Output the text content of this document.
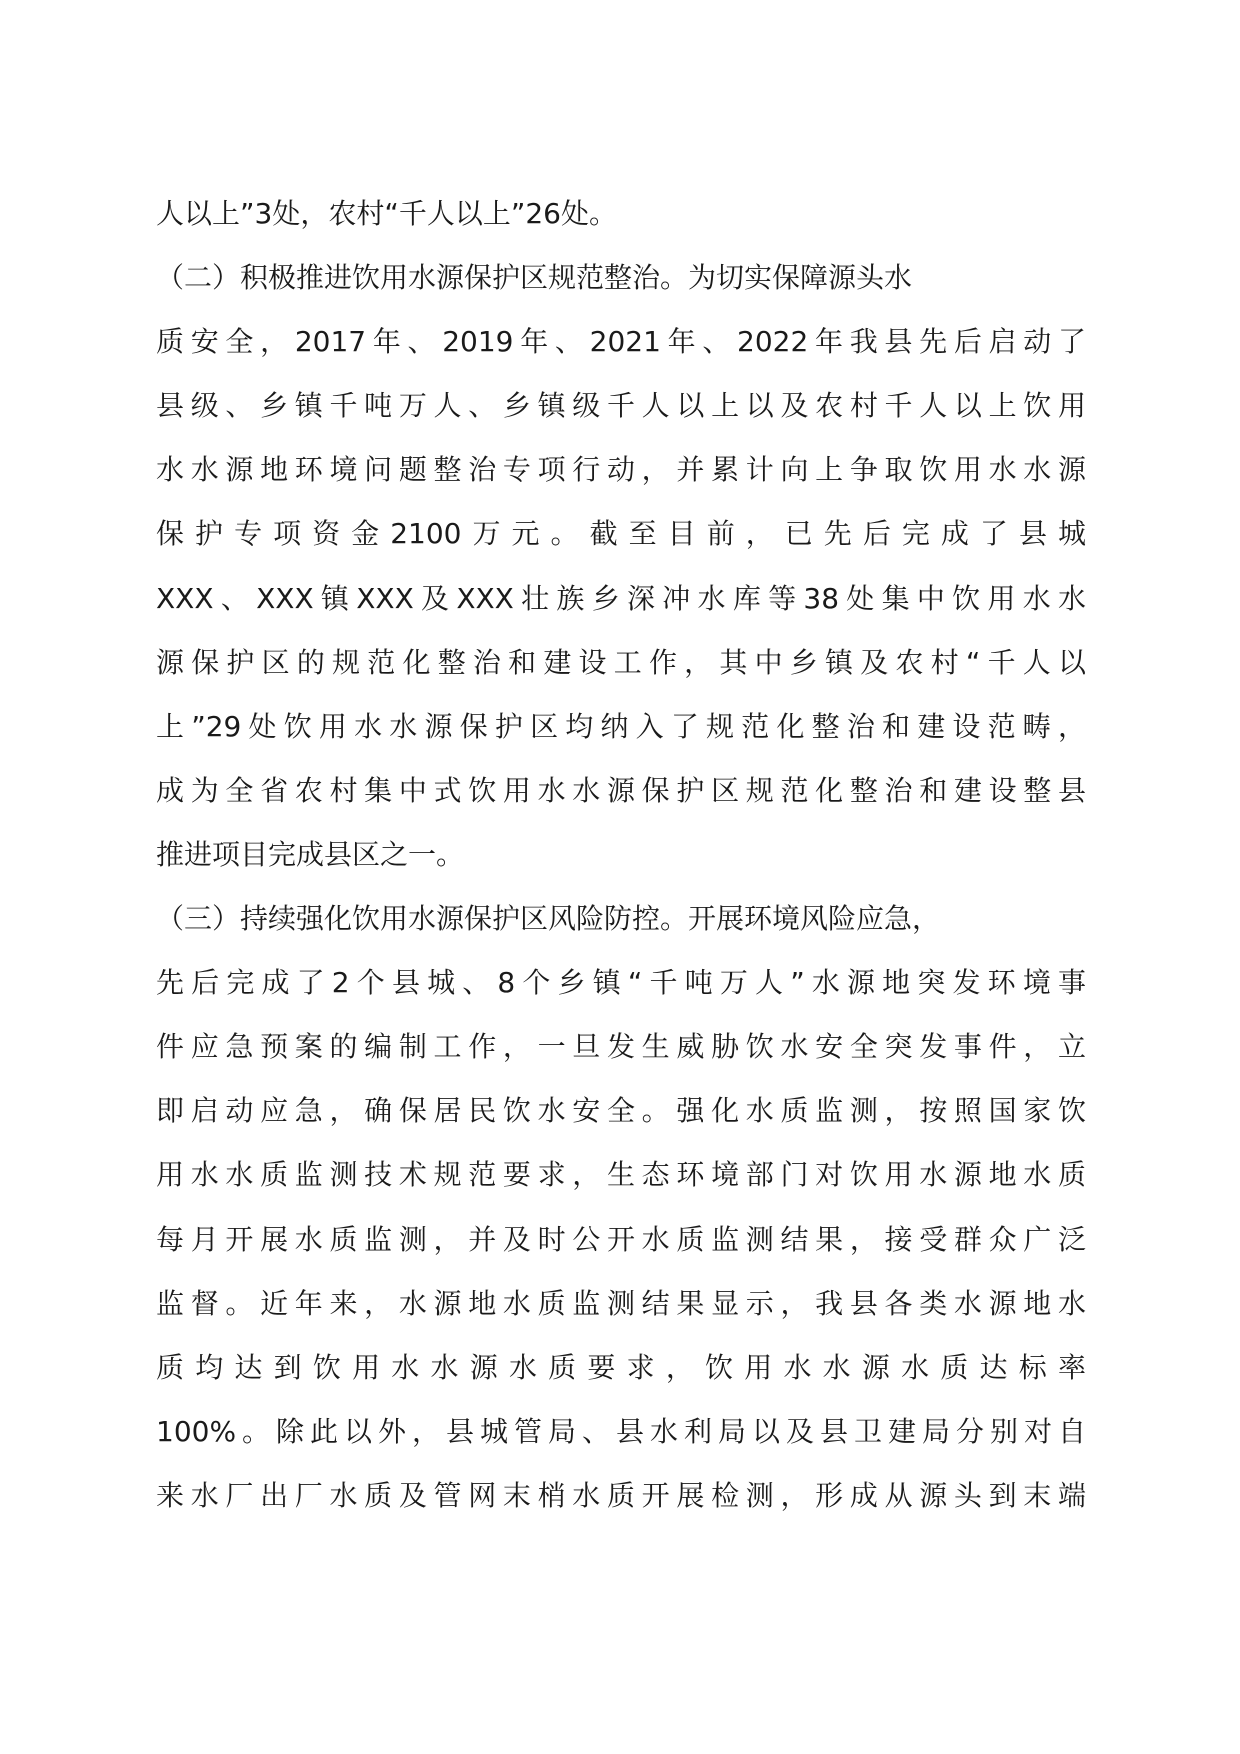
人以上”3处，农村“千人以上”26处。
（二）积极推进饮用水源保护区规范整治。为切实保障源头水
质安全，2017年、2019年、2021年、2022年我县先后启动了
县级、乡镇千吨万人、乡镇级千人以上以及农村千人以上饮用
水水源地环境问题整治专项行动，并累计向上争取饮用水水源
保护专项资金2100万元。截至目前，已先后完成了县城
XXX、XXX镇XXX及XXX壮族乡深冲水库等38处集中饮用水水
源保护区的规范化整治和建设工作，其中乡镇及农村“千人以
上”29处饮用水水源保护区均纳入了规范化整治和建设范畴，
成为全省农村集中式饮用水水源保护区规范化整治和建设整县
推进项目完成县区之一。
（三）持续强化饮用水源保护区风险防控。开展环境风险应急，
先后完成了2个县城、8个乡镇“千吨万人”水源地突发环境事
件应急预案的编制工作，一旦发生威胁饮水安全突发事件，立
即启动应急，确保居民饮水安全。强化水质监测，按照国家饮
用水水质监测技术规范要求，生态环境部门对饮用水源地水质
每月开展水质监测，并及时公开水质监测结果，接受群众广泛
监督。近年来，水源地水质监测结果显示，我县各类水源地水
质均达到饮用水水源水质要求，饮用水水源水质达标率
100%。除此以外，县城管局、县水利局以及县卫建局分别对自
来水厂出厂水质及管网末梢水质开展检测，形成从源头到末端
